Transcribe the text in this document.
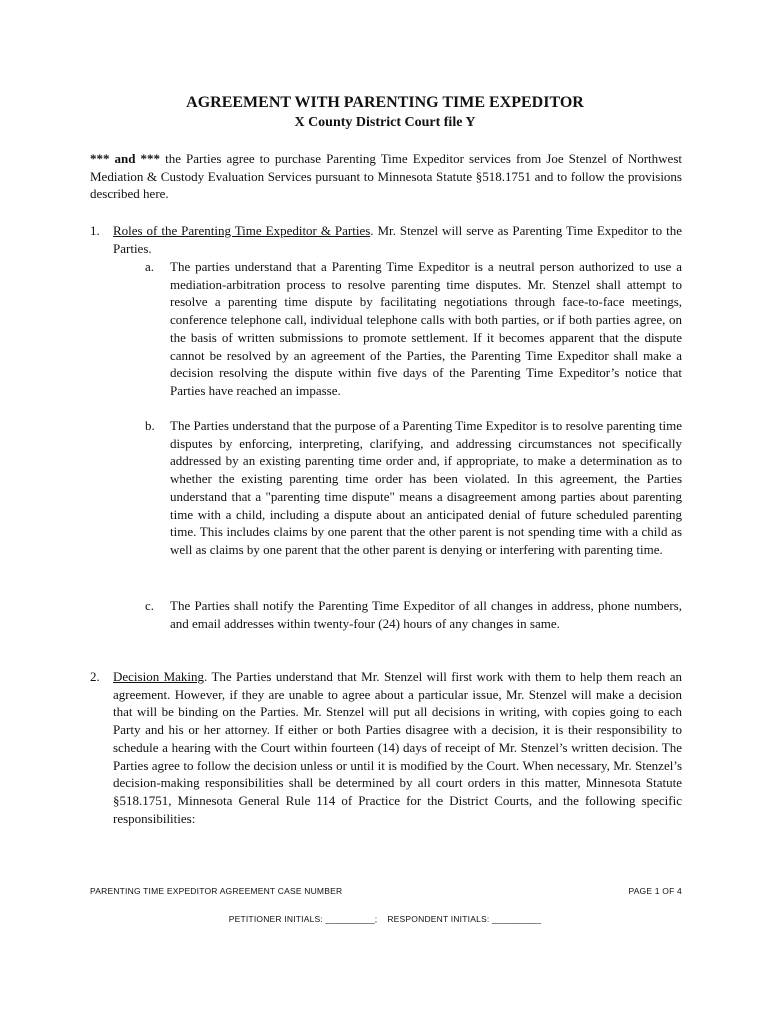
AGREEMENT WITH PARENTING TIME EXPEDITOR
X County District Court file Y
*** and *** the Parties agree to purchase Parenting Time Expeditor services from Joe Stenzel of Northwest Mediation & Custody Evaluation Services pursuant to Minnesota Statute §518.1751 and to follow the provisions described here.
1.	Roles of the Parenting Time Expeditor & Parties. Mr. Stenzel will serve as Parenting Time Expeditor to the Parties.
a.	The parties understand that a Parenting Time Expeditor is a neutral person authorized to use a mediation-arbitration process to resolve parenting time disputes. Mr. Stenzel shall attempt to resolve a parenting time dispute by facilitating negotiations through face-to-face meetings, conference telephone call, individual telephone calls with both parties, or if both parties agree, on the basis of written submissions to promote settlement. If it becomes apparent that the dispute cannot be resolved by an agreement of the Parties, the Parenting Time Expeditor shall make a decision resolving the dispute within five days of the Parenting Time Expeditor’s notice that Parties have reached an impasse.
b.	The Parties understand that the purpose of a Parenting Time Expeditor is to resolve parenting time disputes by enforcing, interpreting, clarifying, and addressing circumstances not specifically addressed by an existing parenting time order and, if appropriate, to make a determination as to whether the existing parenting time order has been violated. In this agreement, the Parties understand that a "parenting time dispute" means a disagreement among parties about parenting time with a child, including a dispute about an anticipated denial of future scheduled parenting time. This includes claims by one parent that the other parent is not spending time with a child as well as claims by one parent that the other parent is denying or interfering with parenting time.
c.	The Parties shall notify the Parenting Time Expeditor of all changes in address, phone numbers, and email addresses within twenty-four (24) hours of any changes in same.
2.	Decision Making. The Parties understand that Mr. Stenzel will first work with them to help them reach an agreement. However, if they are unable to agree about a particular issue, Mr. Stenzel will make a decision that will be binding on the Parties. Mr. Stenzel will put all decisions in writing, with copies going to each Party and his or her attorney. If either or both Parties disagree with a decision, it is their responsibility to schedule a hearing with the Court within fourteen (14) days of receipt of Mr. Stenzel’s written decision. The Parties agree to follow the decision unless or until it is modified by the Court. When necessary, Mr. Stenzel’s decision-making responsibilities shall be determined by all court orders in this matter, Minnesota Statute §518.1751, Minnesota General Rule 114 of Practice for the District Courts, and the following specific responsibilities:
PARENTING TIME EXPEDITOR AGREEMENT CASE NUMBER	PAGE 1 OF 4
PETITIONER INITIALS: __________; RESPONDENT INITIALS: __________
